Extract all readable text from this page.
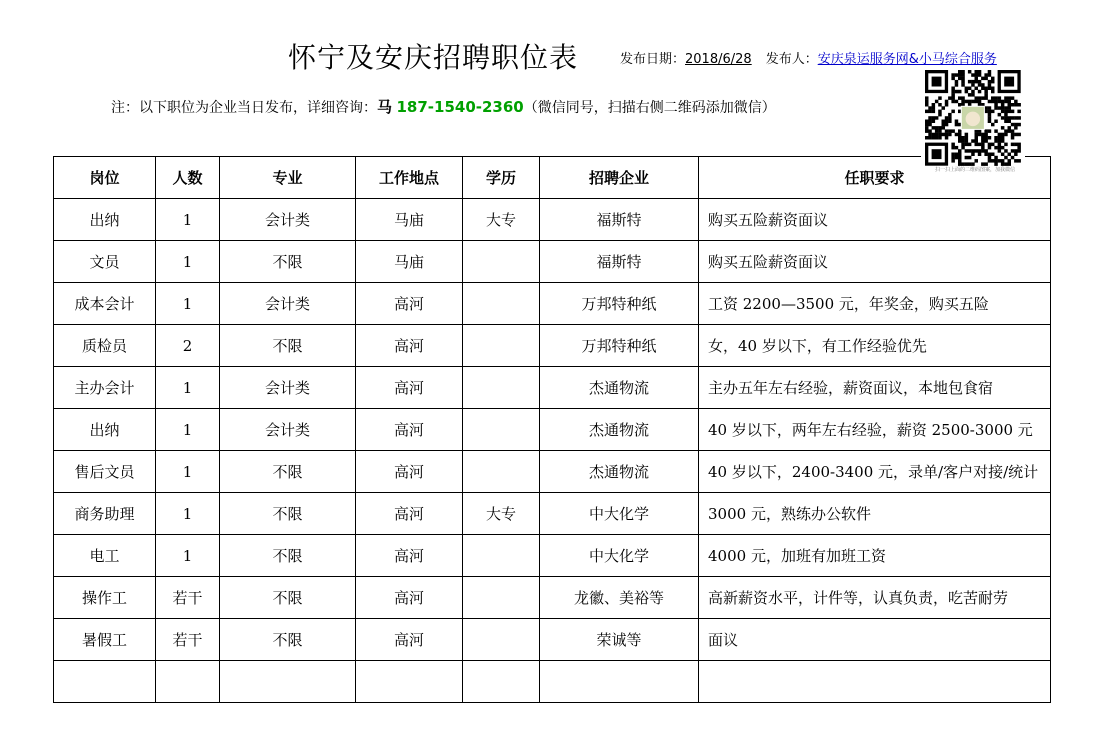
怀宁及安庆招聘职位表	发布日期：2018/6/28 发布人：安庆泉运服务网&小马综合服务
注：以下职位为企业当日发布，详细咨询：马 187-1540-2360（微信同号，扫描右侧二维码添加微信）
扫一扫上面的二维码图案，加我微信
岗位	人数	专业	工作地点	学历	招聘企业	任职要求
出纳	1	会计类	马庙	大专	福斯特	购买五险薪资面议
文员	1	不限	马庙		福斯特	购买五险薪资面议
成本会计	1	会计类	高河		万邦特种纸	工资 2200—3500 元，年奖金，购买五险
质检员	2	不限	高河		万邦特种纸	女，40 岁以下，有工作经验优先
主办会计	1	会计类	高河		杰通物流	主办五年左右经验，薪资面议，本地包食宿
出纳	1	会计类	高河		杰通物流	40 岁以下，两年左右经验，薪资 2500-3000 元
售后文员	1	不限	高河		杰通物流	40 岁以下，2400-3400 元，录单/客户对接/统计
商务助理	1	不限	高河	大专	中大化学	3000 元，熟练办公软件
电工	1	不限	高河		中大化学	4000 元，加班有加班工资
操作工	若干	不限	高河		龙徽、美裕等	高新薪资水平，计件等，认真负责，吃苦耐劳
暑假工	若干	不限	高河		荣诚等	面议
